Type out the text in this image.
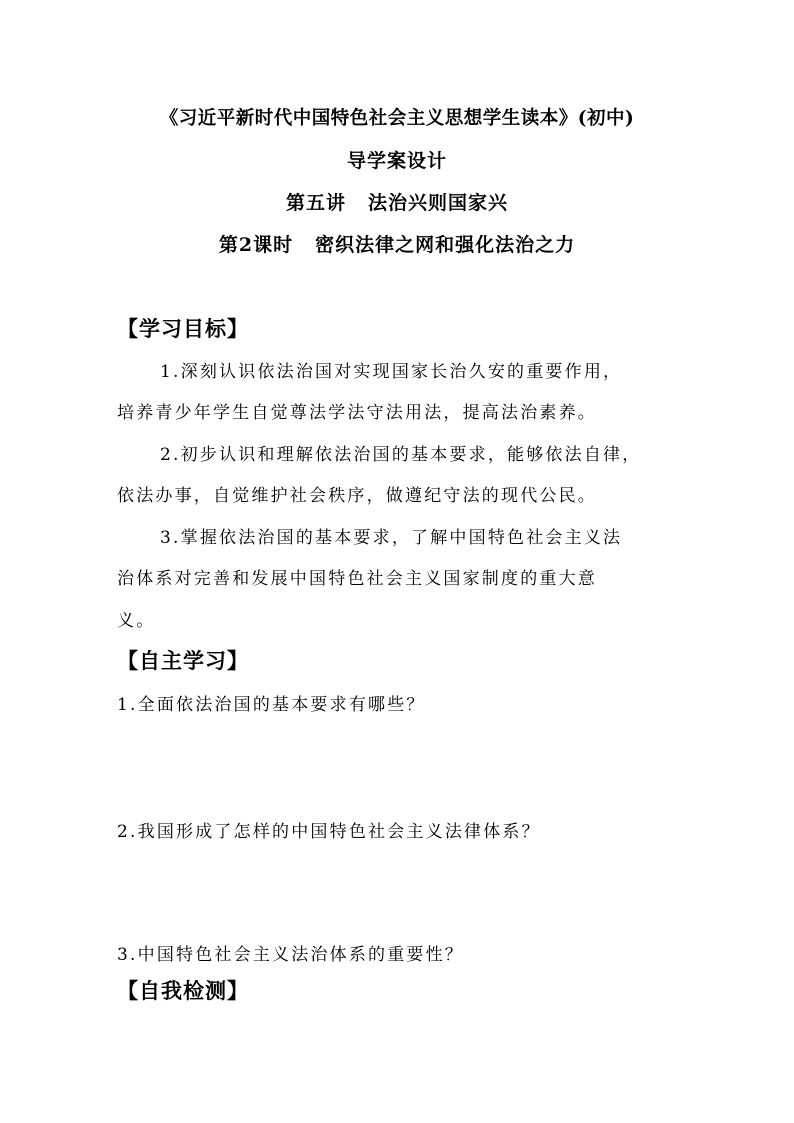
《习近平新时代中国特色社会主义思想学生读本》(初中)
导学案设计
第五讲 法治兴则国家兴
第2课时 密织法律之网和强化法治之力
【学习目标】
1.深刻认识依法治国对实现国家长治久安的重要作用，
培养青少年学生自觉尊法学法守法用法，提高法治素养。
2.初步认识和理解依法治国的基本要求，能够依法自律，
依法办事，自觉维护社会秩序，做遵纪守法的现代公民。
3.掌握依法治国的基本要求，了解中国特色社会主义法
治体系对完善和发展中国特色社会主义国家制度的重大意
义。
【自主学习】
1.全面依法治国的基本要求有哪些？
2.我国形成了怎样的中国特色社会主义法律体系？
3.中国特色社会主义法治体系的重要性？
【自我检测】
